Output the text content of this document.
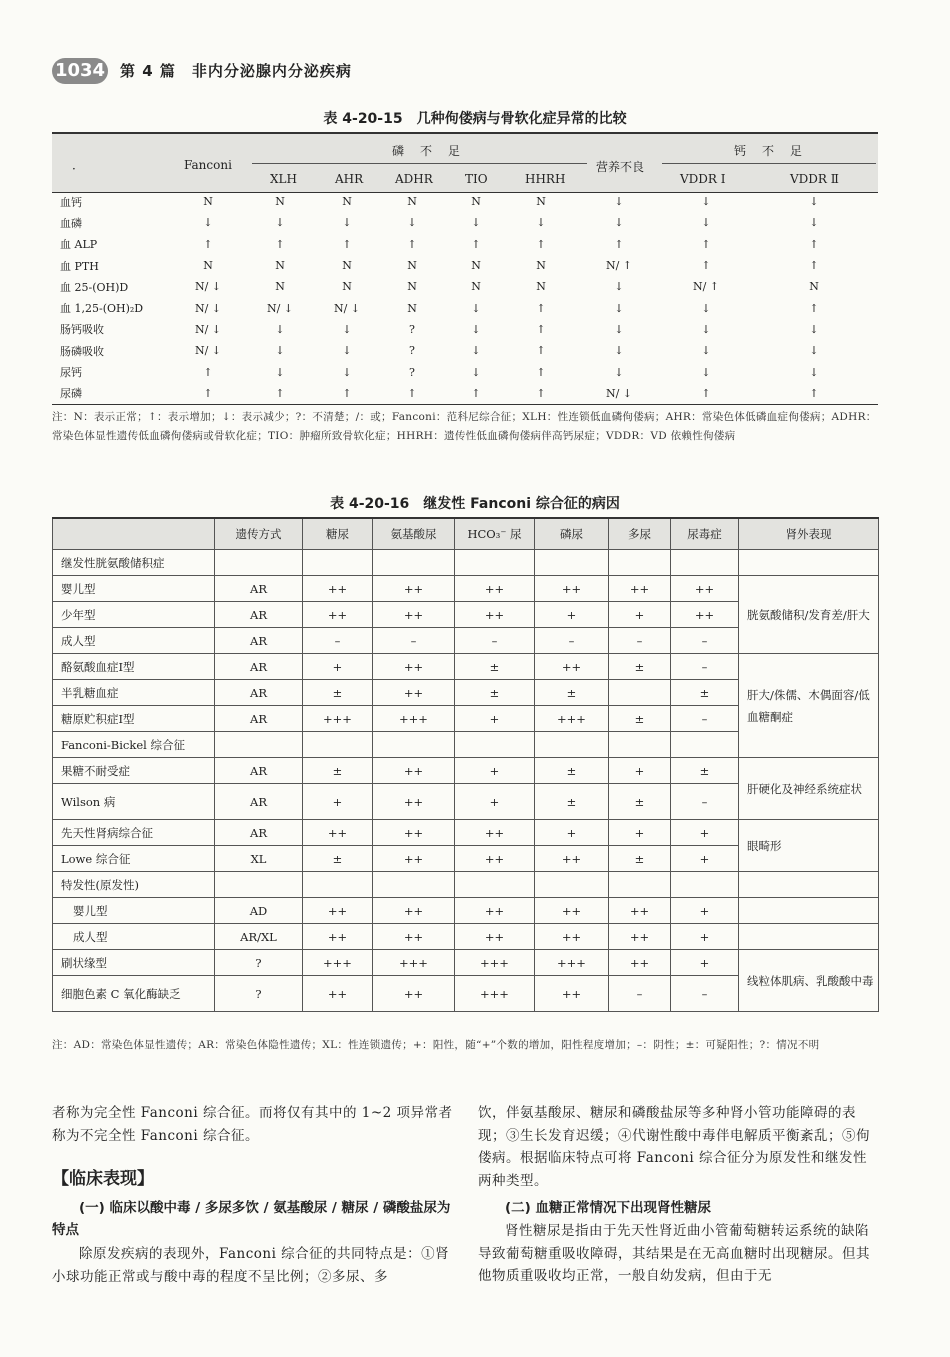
1034 第 4 篇　非内分泌腺内分泌疾病
表 4-20-15　几种佝偻病与骨软化症异常的比较
·	Fanconi
磷　不　足
XLH	AHR	ADHR	TIO	HHRH
营养不良
钙　不　足
VDDR Ⅰ	VDDR Ⅱ
血钙	N	N	N	N	N	N	↓	↓	↓	
血磷	↓	↓	↓	↓	↓	↓	↓	↓	↓	
血 ALP	↑	↑	↑	↑	↑	↑	↑	↑	↑	
血 PTH	N	N	N	N	N	N	N/ ↑	↑	↑	
血 25-(OH)D	N/ ↓	N	N	N	N	N	↓	N/ ↑	N	
血 1,25-(OH)₂D	N/ ↓	N/ ↓	N/ ↓	N	↓	↑	↓	↓	↑	
肠钙吸收	N/ ↓	↓	↓	?	↓	↑	↓	↓	↓	
肠磷吸收	N/ ↓	↓	↓	?	↓	↑	↓	↓	↓	
尿钙	↑	↓	↓	?	↓	↑	↓	↓	↓	
尿磷	↑	↑	↑	↑	↑	↑	N/ ↓	↑	↑	
注：N：表示正常；↑：表示增加；↓：表示减少；?：不清楚；/：或；Fanconi：范科尼综合征；XLH：性连锁低血磷佝偻病；AHR：常染色体低磷血症佝偻病；ADHR：常染色体显性遗传低血磷佝偻病或骨软化症；TIO：肿瘤所致骨软化症；HHRH：遗传性低血磷佝偻病伴高钙尿症；VDDR：VD 依赖性佝偻病
表 4-20-16　继发性 Fanconi 综合征的病因
	遗传方式	糖尿	氨基酸尿	HCO₃⁻ 尿	磷尿	多尿	尿毒症	肾外表现
继发性胱氨酸储积症								
婴儿型	AR	++	++	++	++	++	++	胱氨酸储积/发育差/肝大
少年型	AR	++	++	++	+	+	++	
成人型	AR	–	–	–	–	–	–	
酪氨酸血症Ⅰ型	AR	+	++	±	++	±	–	肝大/侏儒、木偶面容/低血糖酮症
半乳糖血症	AR	±	++	±	±		±	
糖原贮积症Ⅰ型	AR	+++	+++	+	+++	±	–	
Fanconi-Bickel 综合征								
果糖不耐受症	AR	±	++	+	±	+	±	肝硬化及神经系统症状
Wilson 病	AR	+	++	+	±	±	–	
先天性肾病综合征	AR	++	++	++	+	+	+	眼畸形
Lowe 综合征	XL	±	++	++	++	±	+	
特发性(原发性)								
婴儿型	AD	++	++	++	++	++	+	
成人型	AR/XL	++	++	++	++	++	+	
刷状缘型	?	+++	+++	+++	+++	++	+	线粒体肌病、乳酸酸中毒
细胞色素 C 氧化酶缺乏	?	++	++	+++	++	–	–	
注：AD：常染色体显性遗传；AR：常染色体隐性遗传；XL：性连锁遗传；+：阳性，随“+”个数的增加，阳性程度增加；–：阴性；±：可疑阳性；?：情况不明
者称为完全性 Fanconi 综合征。而将仅有其中的 1~2 项异常者称为不完全性 Fanconi 综合征。
【临床表现】
(一) 临床以酸中毒 / 多尿多饮 / 氨基酸尿 / 糖尿 / 磷酸盐尿为特点
除原发疾病的表现外，Fanconi 综合征的共同特点是：①肾小球功能正常或与酸中毒的程度不呈比例；②多尿、多
饮，伴氨基酸尿、糖尿和磷酸盐尿等多种肾小管功能障碍的表现；③生长发育迟缓；④代谢性酸中毒伴电解质平衡紊乱；⑤佝偻病。根据临床特点可将 Fanconi 综合征分为原发性和继发性两种类型。
(二) 血糖正常情况下出现肾性糖尿
肾性糖尿是指由于先天性肾近曲小管葡萄糖转运系统的缺陷导致葡萄糖重吸收障碍，其结果是在无高血糖时出现糖尿。但其他物质重吸收均正常，一般自幼发病，但由于无
